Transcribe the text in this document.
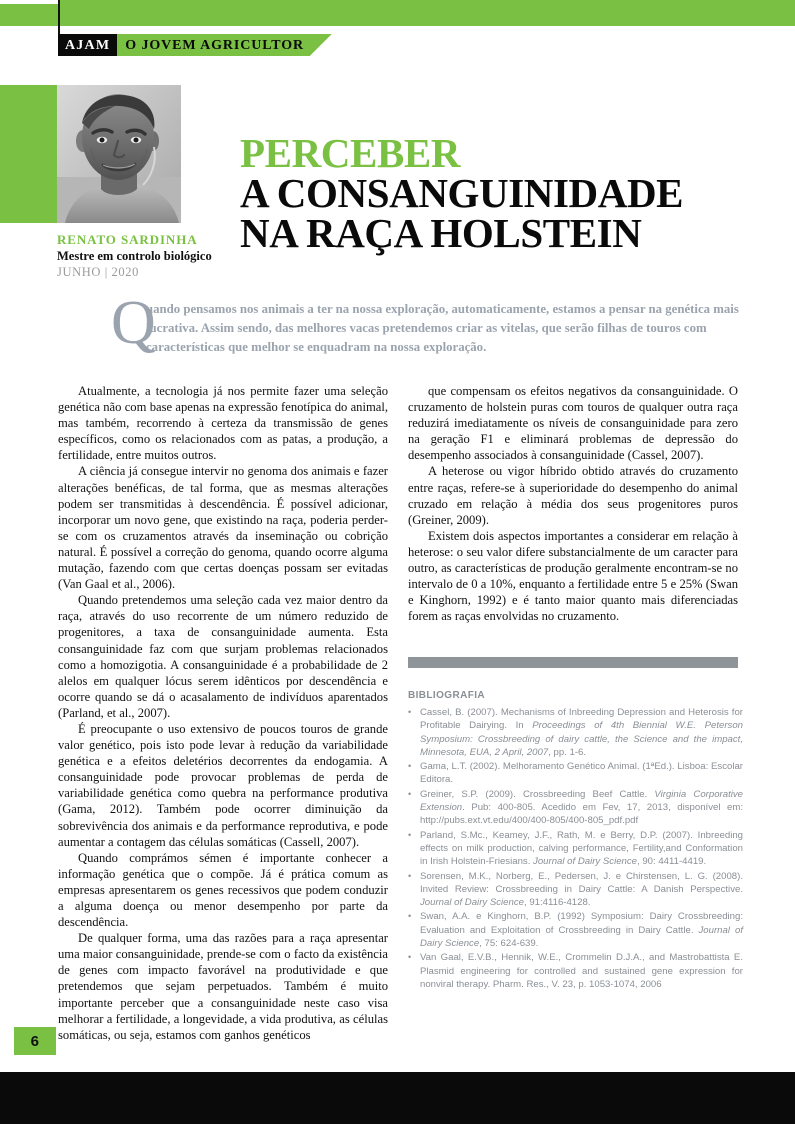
AJAM	O JOVEM AGRICULTOR
RENATO SARDINHA
Mestre em controlo biológico
JUNHO | 2020
PERCEBER
A CONSANGUINIDADE
NA RAÇA HOLSTEIN
Q
uando pensamos nos animais a ter na nossa exploração, automaticamente, estamos a pensar na genética mais lucrativa. Assim sendo, das melhores vacas pretendemos criar as vitelas, que serão filhas de touros com características que melhor se enquadram na nossa exploração.

Atualmente, a tecnologia já nos permite fazer uma seleção genética não com base apenas na expressão fenotípica do animal, mas também, recorrendo à certeza da transmissão de genes específicos, como os relacionados com as patas, a produção, a fertilidade, entre muitos outros.

A ciência já consegue intervir no genoma dos animais e fazer alterações benéficas, de tal forma, que as mesmas alterações podem ser transmitidas à descendência. É possível adicionar, incorporar um novo gene, que existindo na raça, poderia perder-se com os cruzamentos através da inseminação ou cobrição natural. É possível a correção do genoma, quando ocorre alguma mutação, fazendo com que certas doenças possam ser evitadas (Van Gaal et al., 2006).

Quando pretendemos uma seleção cada vez maior dentro da raça, através do uso recorrente de um número reduzido de progenitores, a taxa de consanguinidade aumenta. Esta consanguinidade faz com que surjam problemas relacionados como a homozigotia. A consanguinidade é a probabilidade de 2 alelos em qualquer lócus serem idênticos por descendência e ocorre quando se dá o acasalamento de indivíduos aparentados (Parland, et al., 2007).

É preocupante o uso extensivo de poucos touros de grande valor genético, pois isto pode levar à redução da variabilidade genética e a efeitos deletérios decorrentes da endogamia. A consanguinidade pode provocar problemas de perda de variabilidade genética como quebra na performance produtiva (Gama, 2012). Também pode ocorrer diminuição da sobrevivência dos animais e da performance reprodutiva, e pode aumentar a contagem das células somáticas (Cassell, 2007).

Quando comprámos sémen é importante conhecer a informação genética que o compõe. Já é prática comum as empresas apresentarem os genes recessivos que podem conduzir a alguma doença ou menor desempenho por parte da descendência.

De qualquer forma, uma das razões para a raça apresentar uma maior consanguinidade, prende-se com o facto da existência de genes com impacto favorável na produtividade e que pretendemos que sejam perpetuados. Também é muito importante perceber que a consanguinidade neste caso visa melhorar a fertilidade, a longevidade, a vida produtiva, as células somáticas, ou seja, estamos com ganhos genéticos

que compensam os efeitos negativos da consanguinidade. O cruzamento de holstein puras com touros de qualquer outra raça reduzirá imediatamente os níveis de consanguinidade para zero na geração F1 e eliminará problemas de depressão do desempenho associados à consanguinidade (Cassel, 2007).

A heterose ou vigor híbrido obtido através do cruzamento entre raças, refere-se à superioridade do desempenho do animal cruzado em relação à média dos seus progenitores puros (Greiner, 2009).

Existem dois aspectos importantes a considerar em relação à heterose: o seu valor difere substancialmente de um caracter para outro, as características de produção geralmente encontram-se no intervalo de 0 a 10%, enquanto a fertilidade entre 5 e 25% (Swan e Kinghorn, 1992) e é tanto maior quanto mais diferenciadas forem as raças envolvidas no cruzamento.

BIBLIOGRAFIA
• Cassel, B. (2007). Mechanisms of Inbreeding Depression and Heterosis for Profitable Dairying. In Proceedings of 4th Biennial W.E. Peterson Symposium: Crossbreeding of dairy cattle, the Science and the impact, Minnesota, EUA, 2 April, 2007, pp. 1-6.
• Gama, L.T. (2002). Melhoramento Genético Animal. (1ªEd.). Lisboa: Escolar Editora.
• Greiner, S.P. (2009). Crossbreeding Beef Cattle. Virginia Corporative Extension. Pub: 400-805. Acedido em Fev, 17, 2013, disponível em: http://pubs.ext.vt.edu/400/400-805/400-805_pdf.pdf
• Parland, S.Mc., Keamey, J.F., Rath, M. e Berry, D.P. (2007). Inbreeding effects on milk production, calving performance, Fertility,and Conformation in Irish Holstein-Friesians. Journal of Dairy Science, 90: 4411-4419.
• Sorensen, M.K., Norberg, E., Pedersen, J. e Chirstensen, L. G. (2008). Invited Review: Crossbreeding in Dairy Cattle: A Danish Perspective. Journal of Dairy Science, 91:4116-4128.
• Swan, A.A. e Kinghorn, B.P. (1992) Symposium: Dairy Crossbreeding: Evaluation and Exploitation of Crossbreeding in Dairy Cattle. Journal of Dairy Science, 75: 624-639.
• Van Gaal, E.V.B., Hennik, W.E., Crommelin D.J.A., and Mastrobattista E. Plasmid engineering for controlled and sustained gene expression for nonviral therapy. Pharm. Res., V. 23, p. 1053-1074, 2006
6
